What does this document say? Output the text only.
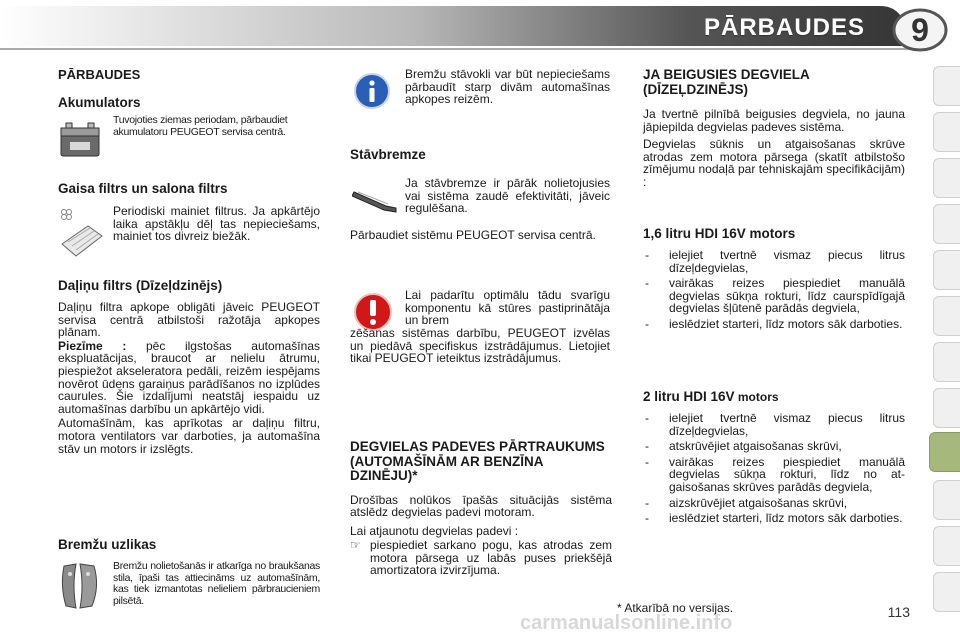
PĀRBAUDES	9
PĀRBAUDES
Akumulators

Tuvojoties ziemas periodam, pārbaudiet akumulatoru PEUGEOT servisa centrā.

Gaisa filtrs un salona filtrs

Periodiski mainiet filtrus. Ja apkārtējo laika apstākļu dēļ tas nepieciešams, mainiet tos divreiz biežāk.

Daļiņu filtrs (Dīzeļdzinējs)

Daļiņu filtra apkope obligāti jāveic PEUGEOT servisa centrā atbilstoši ražotāja apkopes plānam.

Piezīme : pēc ilgstošas automašīnas ekspluatācijas, braucot ar nelielu ātrumu, piespiežot akseleratora pedāli, reizēm iespējams novērot ūdens garaiņus parādīšanos no izplūdes caurules. Šie izdalījumi neatstāj iespaidu uz automašīnas darbību un apkārtējo vidi.

Automašīnām, kas aprīkotas ar daļiņu filtru, motora ventilators var darboties, ja automašīna stāv un motors ir izslēgts.

Bremžu uzlikas

Bremžu nolietošanās ir atkarīga no braukšanas stila, īpaši tas attiecināms uz automašīnām, kas tiek izmantotas nelieliem pārbraucieniem pilsētā.

Bremžu stāvokli var būt nepieciešams pārbaudīt starp divām automašīnas apkopes reizēm.

Stāvbremze

Ja stāvbremze ir pārāk nolietojusies vai sistēma zaudē efektivitāti, jāveic regulēšana.

Pārbaudiet sistēmu PEUGEOT servisa centrā.

Lai padarītu optimālu tādu svarīgu komponentu kā stūres pastiprinātāja un brem

zēšanas sistēmas darbību, PEUGEOT izvēlas un piedāvā specifiskus izstrādājumus. Lietojiet tikai PEUGEOT ieteiktus izstrādājumus.

DEGVIELAS PADEVES PĀRTRAUKUMS (AUTOMAŠĪNĀM AR BENZĪNA DZINĒJU)*

Drošības nolūkos īpašās situācijās sistēma atslēdz degvielas padevi motoram.

Lai atjaunotu degvielas padevi :

☞ piespiediet sarkano pogu, kas atrodas zem motora pārsega uz labās puses priekšējā amortizatora izvirzījuma.

JA BEIGUSIES DEGVIELA (DĪZEĻDZINĒJS)

Ja tvertnē pilnībā beigusies degviela, no jauna jāpiepilda degvielas padeves sistēma.

Degvielas sūknis un atgaisošanas skrūve atrodas zem motora pārsega (skatīt atbilstošo zīmējumu nodaļā par tehniskajām specifikācijām) :

1,6 litru HDI 16V motors
- ielejiet tvertnē vismaz piecus litrus dīzeļdegvielas,
- vairākas reizes piespiediet manuālā degvielas sūkņa rokturi, līdz caurspīdīgajā degvielas šļūtenē parādās degviela,
- ieslēdziet starteri, līdz motors sāk darboties.
2 litru HDI 16V motors
- ielejiet tvertnē vismaz piecus litrus dīzeļdegvielas,
- atskrūvējiet atgaisošanas skrūvi,
- vairākas reizes piespiediet manuālā degvielas sūkņa rokturi, līdz no atgaisošanas skrūves parādās degviela,
- aizskrūvējiet atgaisošanas skrūvi,
- ieslēdziet starteri, līdz motors sāk darboties.
carmanualsonline.info
* Atkarībā no versijas.	113
